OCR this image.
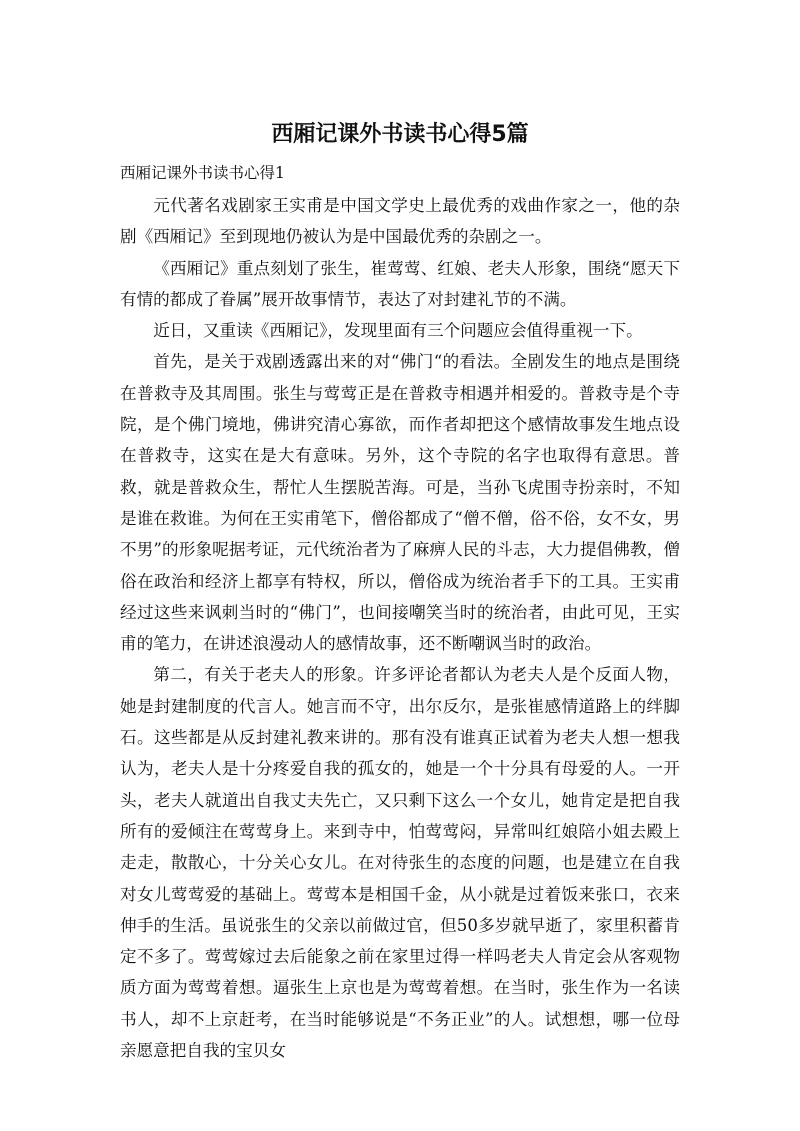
西厢记课外书读书心得5篇
西厢记课外书读书心得1

元代著名戏剧家王实甫是中国文学史上最优秀的戏曲作家之一，他的杂剧《西厢记》至到现地仍被认为是中国最优秀的杂剧之一。

《西厢记》重点刻划了张生，崔莺莺、红娘、老夫人形象，围绕“愿天下有情的都成了眷属”展开故事情节，表达了对封建礼节的不满。

近日，又重读《西厢记》，发现里面有三个问题应会值得重视一下。

首先，是关于戏剧透露出来的对“佛门“的看法。全剧发生的地点是围绕在普救寺及其周围。张生与莺莺正是在普救寺相遇并相爱的。普救寺是个寺院，是个佛门境地，佛讲究清心寡欲，而作者却把这个感情故事发生地点设在普救寺，这实在是大有意味。另外，这个寺院的名字也取得有意思。普救，就是普救众生，帮忙人生摆脱苦海。可是，当孙飞虎围寺扮亲时，不知是谁在救谁。为何在王实甫笔下，僧俗都成了“僧不僧，俗不俗，女不女，男不男”的形象呢据考证，元代统治者为了麻痹人民的斗志，大力提倡佛教，僧俗在政治和经济上都享有特权，所以，僧俗成为统治者手下的工具。王实甫经过这些来讽刺当时的“佛门”，也间接嘲笑当时的统治者，由此可见，王实甫的笔力，在讲述浪漫动人的感情故事，还不断嘲讽当时的政治。

第二，有关于老夫人的形象。许多评论者都认为老夫人是个反面人物，她是封建制度的代言人。她言而不守，出尔反尔，是张崔感情道路上的绊脚石。这些都是从反封建礼教来讲的。那有没有谁真正试着为老夫人想一想我认为，老夫人是十分疼爱自我的孤女的，她是一个十分具有母爱的人。一开头，老夫人就道出自我丈夫先亡，又只剩下这么一个女儿，她肯定是把自我所有的爱倾注在莺莺身上。来到寺中，怕莺莺闷，异常叫红娘陪小姐去殿上走走，散散心，十分关心女儿。在对待张生的态度的问题，也是建立在自我对女儿莺莺爱的基础上。莺莺本是相国千金，从小就是过着饭来张口，衣来伸手的生活。虽说张生的父亲以前做过官，但50多岁就早逝了，家里积蓄肯定不多了。莺莺嫁过去后能象之前在家里过得一样吗老夫人肯定会从客观物质方面为莺莺着想。逼张生上京也是为莺莺着想。在当时，张生作为一名读书人，却不上京赶考，在当时能够说是“不务正业”的人。试想想，哪一位母亲愿意把自我的宝贝女
